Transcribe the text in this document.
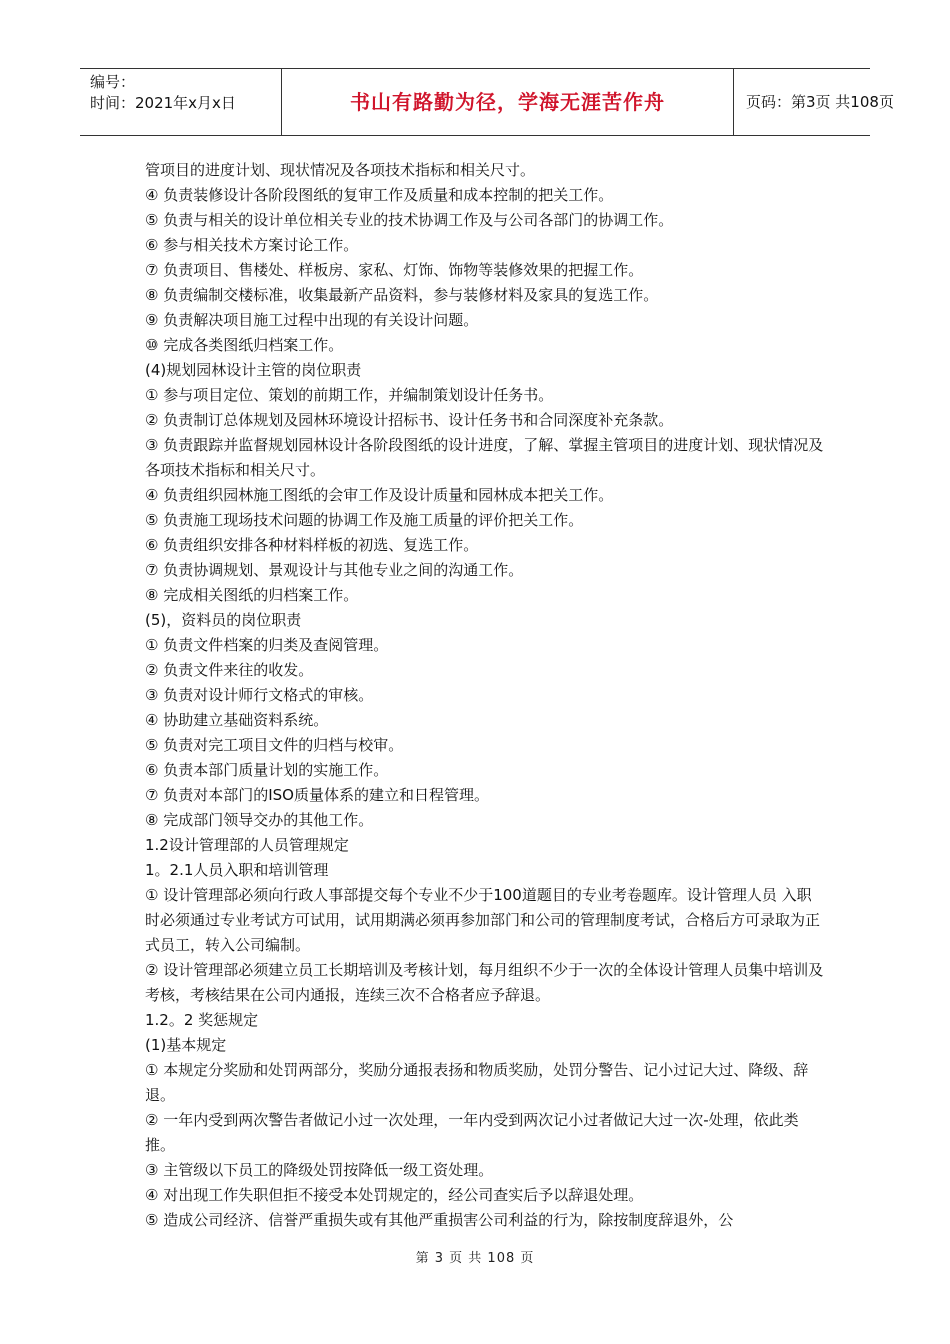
编号：
时间：2021年x月x日	书山有路勤为径，学海无涯苦作舟	页码：第3页 共108页

管项目的进度计划、现状情况及各项技术指标和相关尺寸。

④ 负责装修设计各阶段图纸的复审工作及质量和成本控制的把关工作。

⑤ 负责与相关的设计单位相关专业的技术协调工作及与公司各部门的协调工作。

⑥ 参与相关技术方案讨论工作。

⑦ 负责项目、售楼处、样板房、家私、灯饰、饰物等装修效果的把握工作。

⑧ 负责编制交楼标准，收集最新产品资料，参与装修材料及家具的复选工作。

⑨ 负责解决项目施工过程中出现的有关设计问题。

⑩ 完成各类图纸归档案工作。

(4)规划园林设计主管的岗位职责

① 参与项目定位、策划的前期工作，并编制策划设计任务书。

② 负责制订总体规划及园林环境设计招标书、设计任务书和合同深度补充条款。

③ 负责跟踪并监督规划园林设计各阶段图纸的设计进度，了解、掌握主管项目的进度计划、现状情况及各项技术指标和相关尺寸。

④ 负责组织园林施工图纸的会审工作及设计质量和园林成本把关工作。

⑤ 负责施工现场技术问题的协调工作及施工质量的评价把关工作。

⑥ 负责组织安排各种材料样板的初选、复选工作。

⑦ 负责协调规划、景观设计与其他专业之间的沟通工作。

⑧ 完成相关图纸的归档案工作。

(5)，资料员的岗位职责

① 负责文件档案的归类及查阅管理。

② 负责文件来往的收发。

③ 负责对设计师行文格式的审核。

④ 协助建立基础资料系统。

⑤ 负责对完工项目文件的归档与校审。

⑥ 负责本部门质量计划的实施工作。

⑦ 负责对本部门的ISO质量体系的建立和日程管理。

⑧ 完成部门领导交办的其他工作。

1.2设计管理部的人员管理规定

1。2.1人员入职和培训管理

① 设计管理部必须向行政人事部提交每个专业不少于100道题目的专业考卷题库。设计管理人员 入职时必须通过专业考试方可试用，试用期满必须再参加部门和公司的管理制度考试，合格后方可录取为正式员工，转入公司编制。

② 设计管理部必须建立员工长期培训及考核计划，每月组织不少于一次的全体设计管理人员集中培训及考核，考核结果在公司内通报，连续三次不合格者应予辞退。

1.2。2 奖惩规定

(1)基本规定

① 本规定分奖励和处罚两部分，奖励分通报表扬和物质奖励，处罚分警告、记小过记大过、降级、辞退。

② 一年内受到两次警告者做记小过一次处理，一年内受到两次记小过者做记大过一次-处理，依此类推。

③ 主管级以下员工的降级处罚按降低一级工资处理。

④ 对出现工作失职但拒不接受本处罚规定的，经公司查实后予以辞退处理。

⑤ 造成公司经济、信誉严重损失或有其他严重损害公司利益的行为，除按制度辞退外，公

第 3 页 共 108 页
